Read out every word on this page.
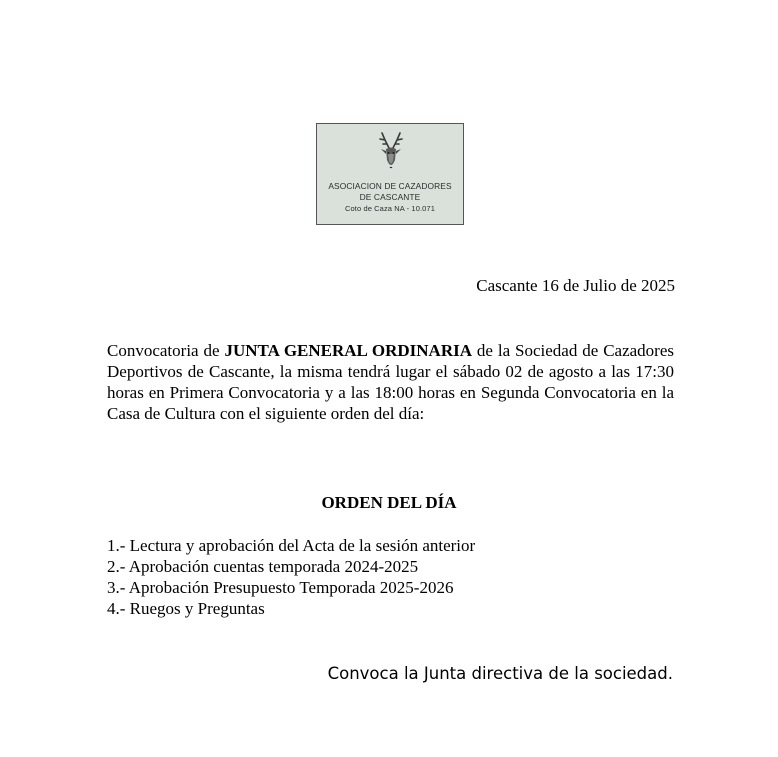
ASOCIACION DE CAZADORES
DE CASCANTE
Coto de Caza NA - 10.071
Cascante 16 de Julio de 2025

Convocatoria de JUNTA GENERAL ORDINARIA de la Sociedad de Cazadores Deportivos de Cascante, la misma tendrá lugar el sábado 02 de agosto a las 17:30 horas en Primera Convocatoria y a las 18:00 horas en Segunda Convocatoria en la Casa de Cultura con el siguiente orden del día:

ORDEN DEL DÍA
1.- Lectura y aprobación del Acta de la sesión anterior
2.- Aprobación cuentas temporada 2024-2025
3.- Aprobación Presupuesto Temporada 2025-2026
4.- Ruegos y Preguntas
Convoca la Junta directiva de la sociedad.
